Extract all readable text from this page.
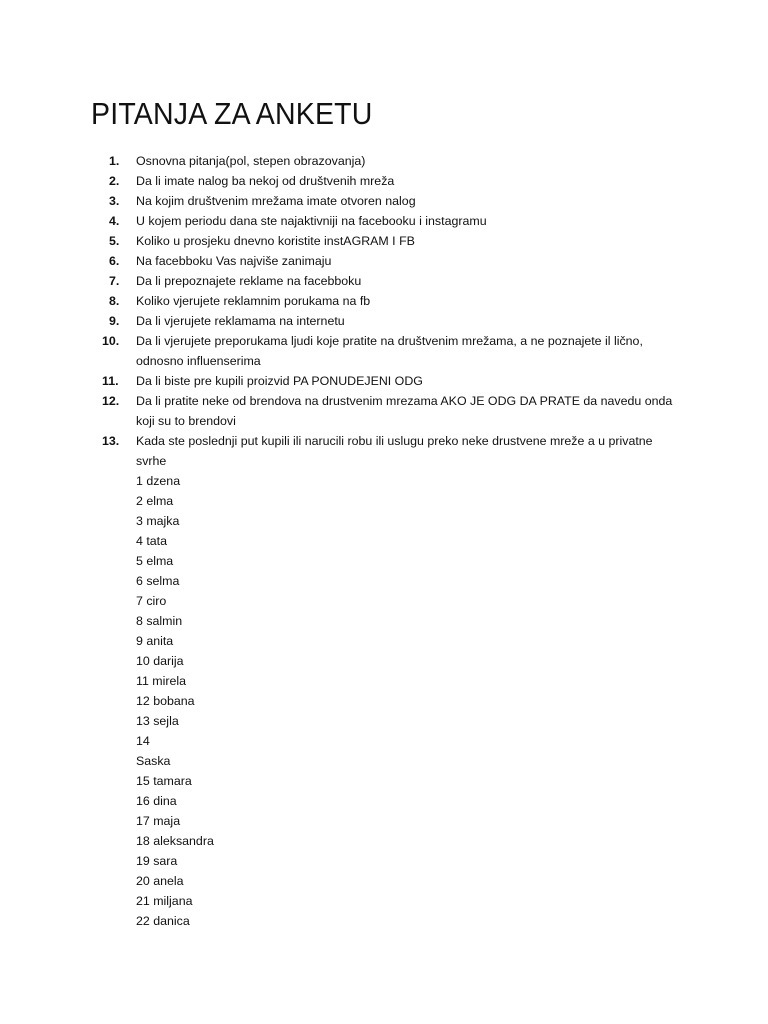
PITANJA ZA ANKETU
1.	Osnovna pitanja(pol, stepen obrazovanja)
2.	Da li imate nalog ba nekoj od društvenih mreža
3.	Na kojim društvenim mrežama imate otvoren nalog
4.	U kojem periodu dana ste najaktivniji na facebooku i instagramu
5.	Koliko u prosjeku dnevno koristite instAGRAM I FB
6.	Na facebboku Vas najviše zanimaju
7.	Da li prepoznajete reklame na facebboku
8.	Koliko vjerujete reklamnim porukama na fb
9.	Da li vjerujete reklamama na internetu
10.	Da li vjerujete preporukama ljudi koje pratite na društvenim mrežama, a ne poznajete il lično, odnosno influenserima
11.	Da li biste pre kupili proizvid PA PONUDEJENI ODG
12.	Da li pratite neke od brendova na drustvenim mrezama AKO JE ODG DA PRATE da navedu onda koji su to brendovi
13.	Kada ste poslednji put kupili ili narucili robu ili uslugu preko neke drustvene mreže a u privatne svrhe
1 dzena
2 elma
3 majka
4 tata
5 elma
6 selma
7 ciro
8 salmin
9 anita
10 darija
11 mirela
12 bobana
13 sejla
14
Saska
15 tamara
16 dina
17 maja
18 aleksandra
19 sara
20 anela
21 miljana
22 danica
